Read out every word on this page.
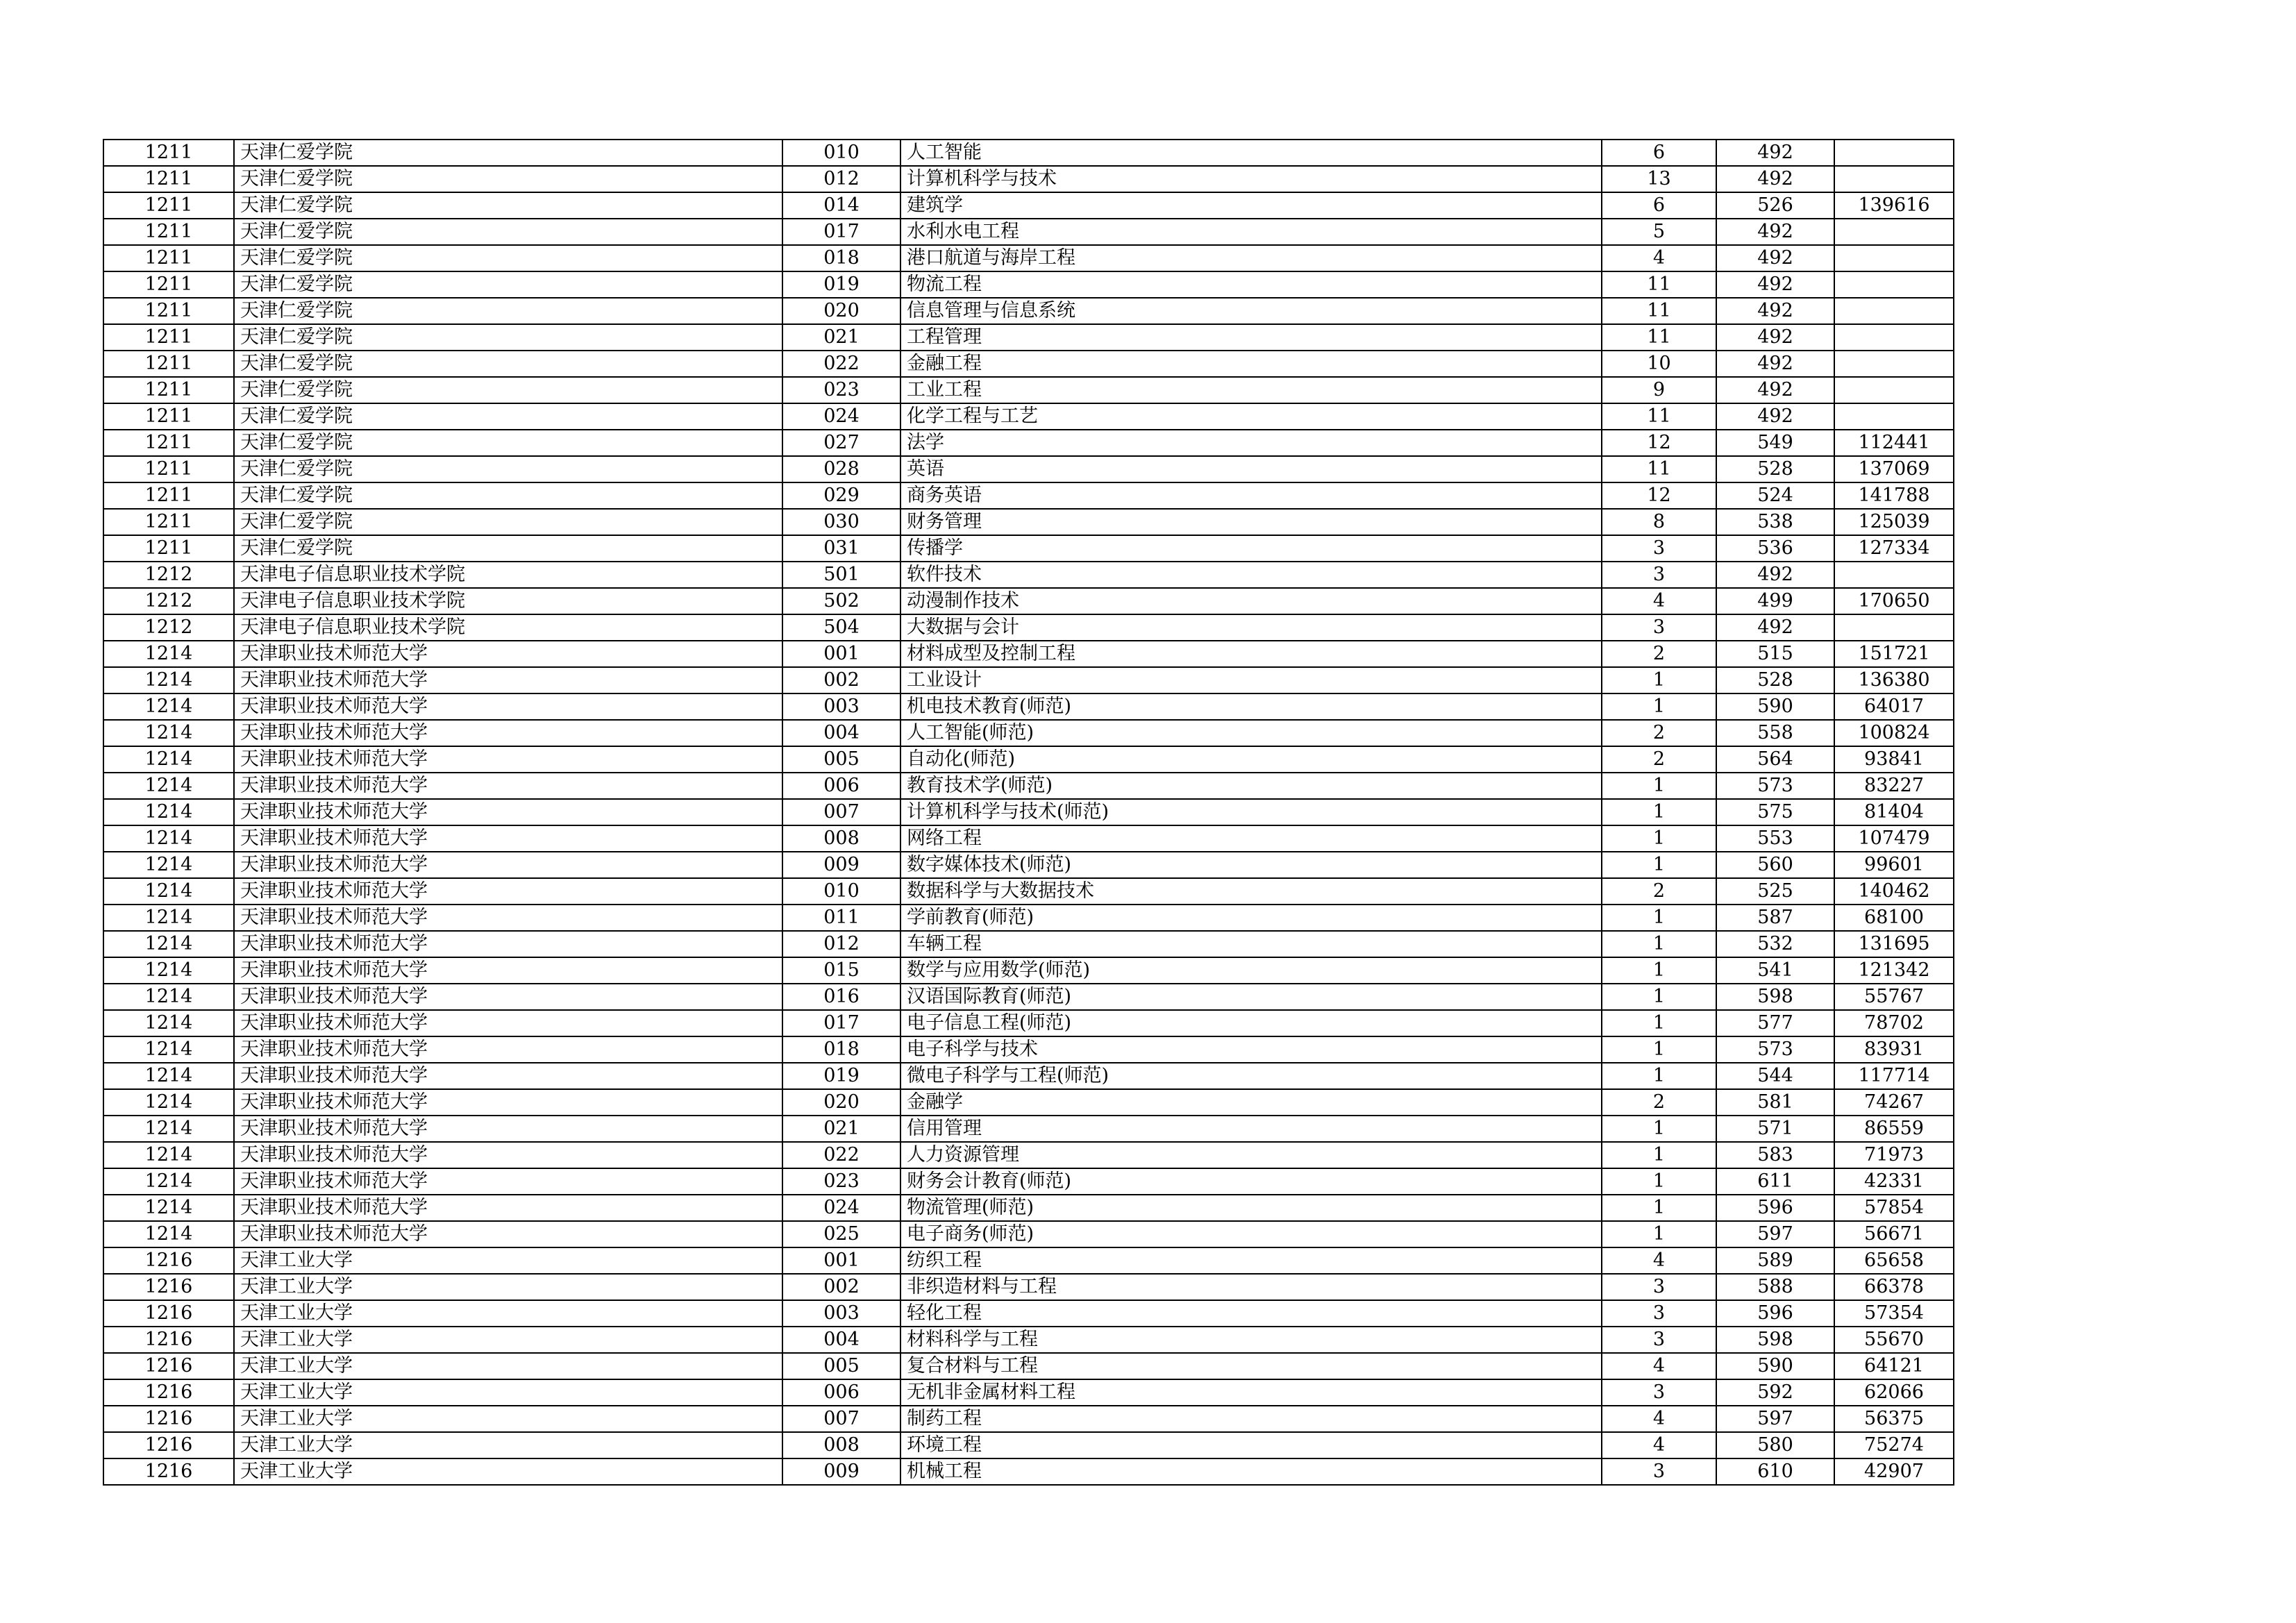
1211	天津仁爱学院	010	人工智能	6	492	
1211	天津仁爱学院	012	计算机科学与技术	13	492	
1211	天津仁爱学院	014	建筑学	6	526	139616
1211	天津仁爱学院	017	水利水电工程	5	492	
1211	天津仁爱学院	018	港口航道与海岸工程	4	492	
1211	天津仁爱学院	019	物流工程	11	492	
1211	天津仁爱学院	020	信息管理与信息系统	11	492	
1211	天津仁爱学院	021	工程管理	11	492	
1211	天津仁爱学院	022	金融工程	10	492	
1211	天津仁爱学院	023	工业工程	9	492	
1211	天津仁爱学院	024	化学工程与工艺	11	492	
1211	天津仁爱学院	027	法学	12	549	112441
1211	天津仁爱学院	028	英语	11	528	137069
1211	天津仁爱学院	029	商务英语	12	524	141788
1211	天津仁爱学院	030	财务管理	8	538	125039
1211	天津仁爱学院	031	传播学	3	536	127334
1212	天津电子信息职业技术学院	501	软件技术	3	492	
1212	天津电子信息职业技术学院	502	动漫制作技术	4	499	170650
1212	天津电子信息职业技术学院	504	大数据与会计	3	492	
1214	天津职业技术师范大学	001	材料成型及控制工程	2	515	151721
1214	天津职业技术师范大学	002	工业设计	1	528	136380
1214	天津职业技术师范大学	003	机电技术教育(师范)	1	590	64017
1214	天津职业技术师范大学	004	人工智能(师范)	2	558	100824
1214	天津职业技术师范大学	005	自动化(师范)	2	564	93841
1214	天津职业技术师范大学	006	教育技术学(师范)	1	573	83227
1214	天津职业技术师范大学	007	计算机科学与技术(师范)	1	575	81404
1214	天津职业技术师范大学	008	网络工程	1	553	107479
1214	天津职业技术师范大学	009	数字媒体技术(师范)	1	560	99601
1214	天津职业技术师范大学	010	数据科学与大数据技术	2	525	140462
1214	天津职业技术师范大学	011	学前教育(师范)	1	587	68100
1214	天津职业技术师范大学	012	车辆工程	1	532	131695
1214	天津职业技术师范大学	015	数学与应用数学(师范)	1	541	121342
1214	天津职业技术师范大学	016	汉语国际教育(师范)	1	598	55767
1214	天津职业技术师范大学	017	电子信息工程(师范)	1	577	78702
1214	天津职业技术师范大学	018	电子科学与技术	1	573	83931
1214	天津职业技术师范大学	019	微电子科学与工程(师范)	1	544	117714
1214	天津职业技术师范大学	020	金融学	2	581	74267
1214	天津职业技术师范大学	021	信用管理	1	571	86559
1214	天津职业技术师范大学	022	人力资源管理	1	583	71973
1214	天津职业技术师范大学	023	财务会计教育(师范)	1	611	42331
1214	天津职业技术师范大学	024	物流管理(师范)	1	596	57854
1214	天津职业技术师范大学	025	电子商务(师范)	1	597	56671
1216	天津工业大学	001	纺织工程	4	589	65658
1216	天津工业大学	002	非织造材料与工程	3	588	66378
1216	天津工业大学	003	轻化工程	3	596	57354
1216	天津工业大学	004	材料科学与工程	3	598	55670
1216	天津工业大学	005	复合材料与工程	4	590	64121
1216	天津工业大学	006	无机非金属材料工程	3	592	62066
1216	天津工业大学	007	制药工程	4	597	56375
1216	天津工业大学	008	环境工程	4	580	75274
1216	天津工业大学	009	机械工程	3	610	42907
